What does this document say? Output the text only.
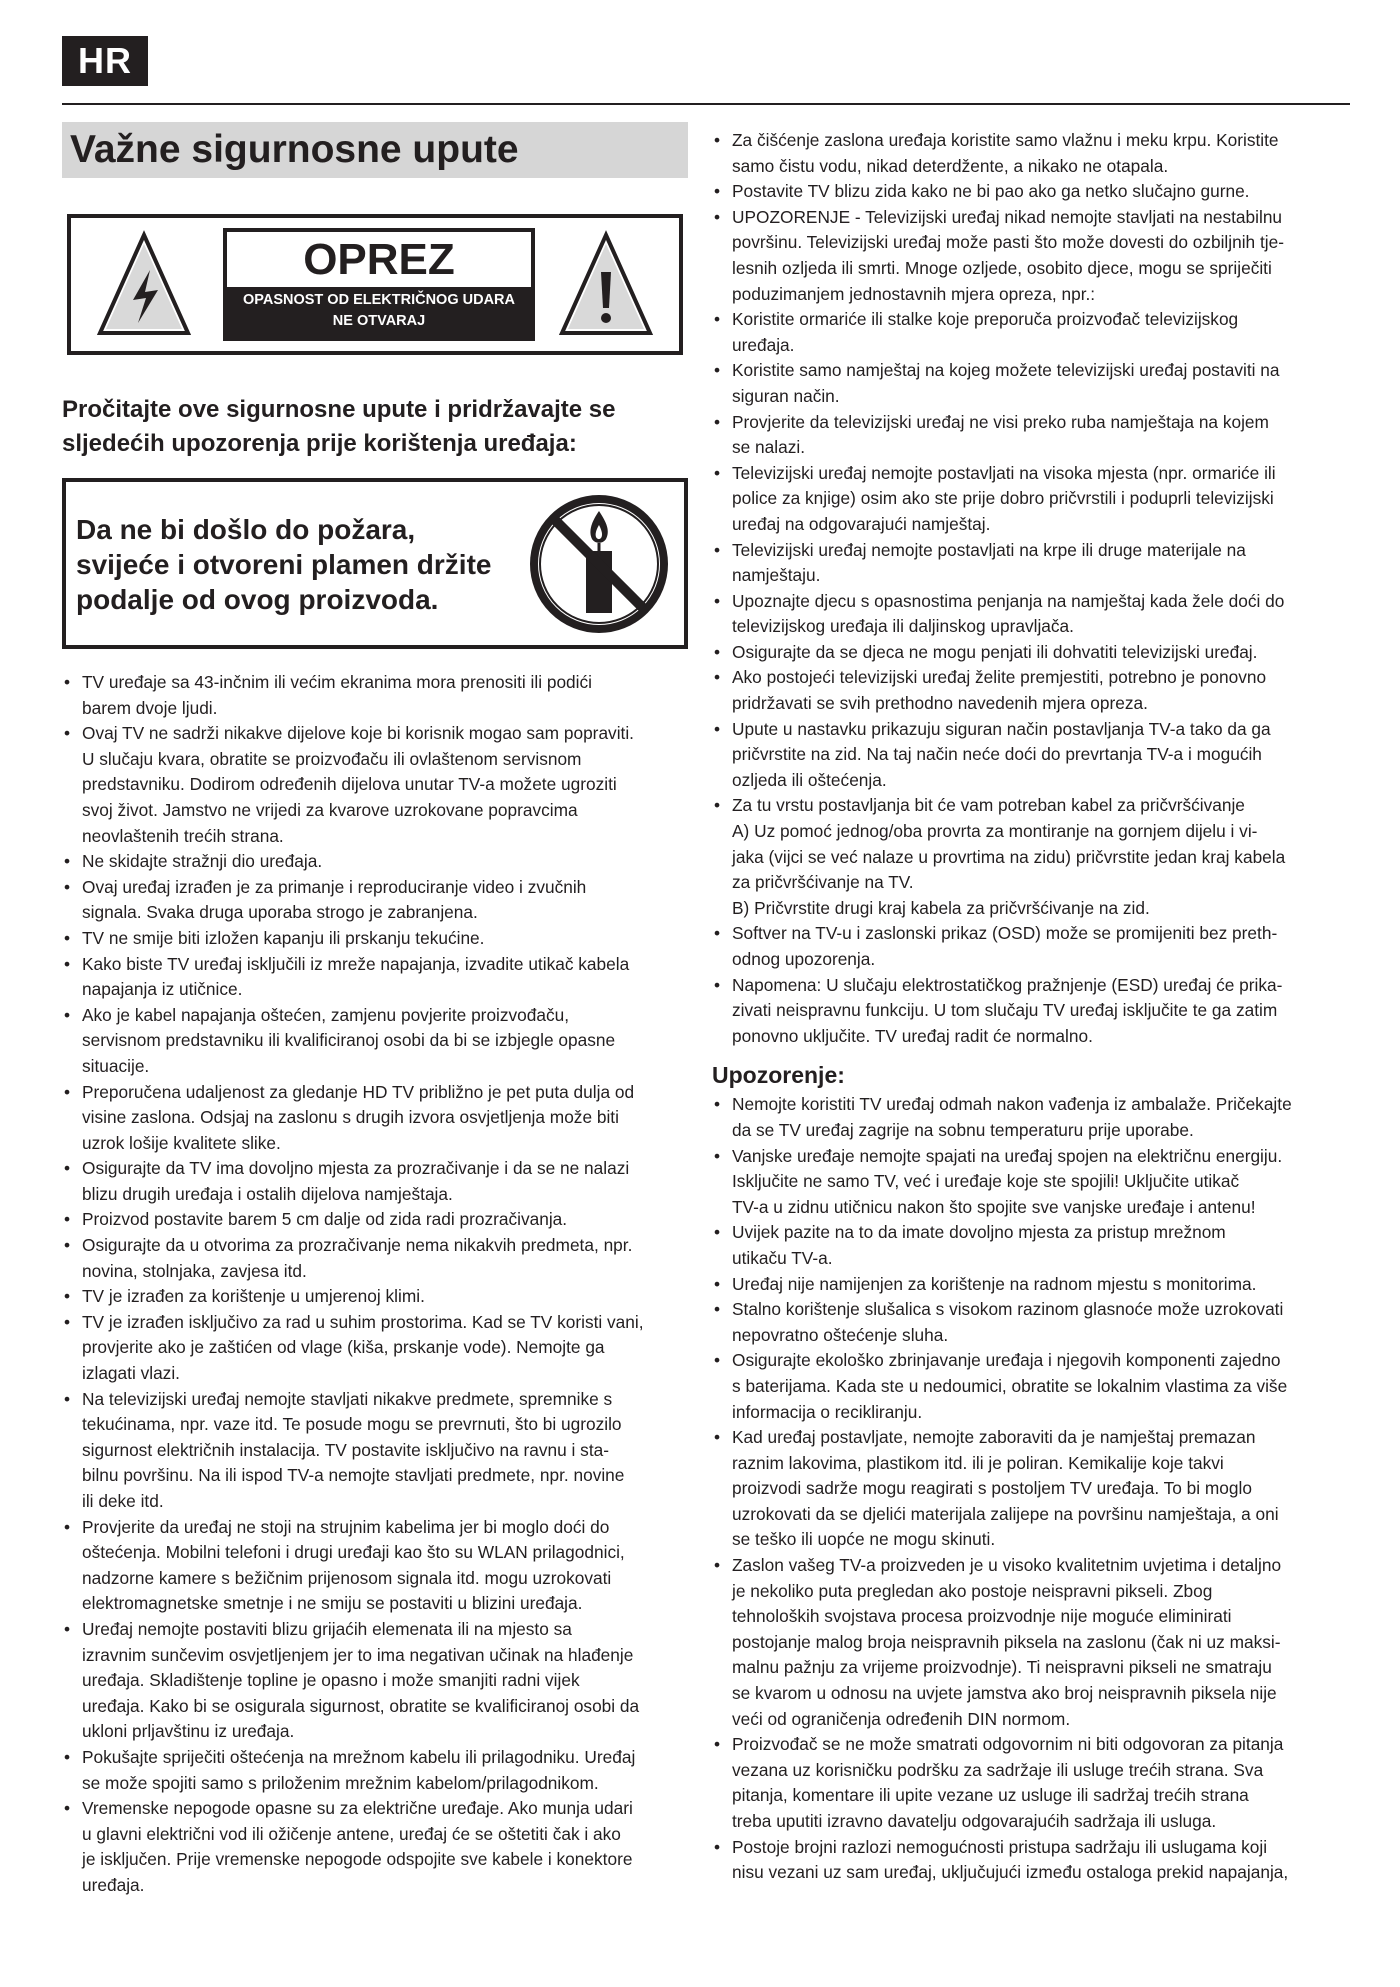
HR
Važne sigurnosne upute
OPREZ
OPASNOST OD ELEKTRIČNOG UDARA
NE OTVARAJ
Pročitajte ove sigurnosne upute i pridržavajte se
sljedećih upozorenja prije korištenja uređaja:
Da ne bi došlo do požara,
svijeće i otvoreni plamen držite
podalje od ovog proizvoda.
• TV uređaje sa 43-inčnim ili većim ekranima mora prenositi ili podići
barem dvoje ljudi.
• Ovaj TV ne sadrži nikakve dijelove koje bi korisnik mogao sam popraviti.
U slučaju kvara, obratite se proizvođaču ili ovlaštenom servisnom
predstavniku. Dodirom određenih dijelova unutar TV-a možete ugroziti
svoj život. Jamstvo ne vrijedi za kvarove uzrokovane popravcima
neovlaštenih trećih strana.
• Ne skidajte stražnji dio uređaja.
• Ovaj uređaj izrađen je za primanje i reproduciranje video i zvučnih
signala. Svaka druga uporaba strogo je zabranjena.
• TV ne smije biti izložen kapanju ili prskanju tekućine.
• Kako biste TV uređaj isključili iz mreže napajanja, izvadite utikač kabela
napajanja iz utičnice.
• Ako je kabel napajanja oštećen, zamjenu povjerite proizvođaču,
servisnom predstavniku ili kvalificiranoj osobi da bi se izbjegle opasne
situacije.
• Preporučena udaljenost za gledanje HD TV približno je pet puta dulja od
visine zaslona. Odsjaj na zaslonu s drugih izvora osvjetljenja može biti
uzrok lošije kvalitete slike.
• Osigurajte da TV ima dovoljno mjesta za prozračivanje i da se ne nalazi
blizu drugih uređaja i ostalih dijelova namještaja.
• Proizvod postavite barem 5 cm dalje od zida radi prozračivanja.
• Osigurajte da u otvorima za prozračivanje nema nikakvih predmeta, npr.
novina, stolnjaka, zavjesa itd.
• TV je izrađen za korištenje u umjerenoj klimi.
• TV je izrađen isključivo za rad u suhim prostorima. Kad se TV koristi vani,
provjerite ako je zaštićen od vlage (kiša, prskanje vode). Nemojte ga
izlagati vlazi.
• Na televizijski uređaj nemojte stavljati nikakve predmete, spremnike s
tekućinama, npr. vaze itd. Te posude mogu se prevrnuti, što bi ugrozilo
sigurnost električnih instalacija. TV postavite isključivo na ravnu i sta-
bilnu površinu. Na ili ispod TV-a nemojte stavljati predmete, npr. novine
ili deke itd.
• Provjerite da uređaj ne stoji na strujnim kabelima jer bi moglo doći do
oštećenja. Mobilni telefoni i drugi uređaji kao što su WLAN prilagodnici,
nadzorne kamere s bežičnim prijenosom signala itd. mogu uzrokovati
elektromagnetske smetnje i ne smiju se postaviti u blizini uređaja.
• Uređaj nemojte postaviti blizu grijaćih elemenata ili na mjesto sa
izravnim sunčevim osvjetljenjem jer to ima negativan učinak na hlađenje
uređaja. Skladištenje topline je opasno i može smanjiti radni vijek
uređaja. Kako bi se osigurala sigurnost, obratite se kvalificiranoj osobi da
ukloni prljavštinu iz uređaja.
• Pokušajte spriječiti oštećenja na mrežnom kabelu ili prilagodniku. Uređaj
se može spojiti samo s priloženim mrežnim kabelom/prilagodnikom.
• Vremenske nepogode opasne su za električne uređaje. Ako munja udari
u glavni električni vod ili ožičenje antene, uređaj će se oštetiti čak i ako
je isključen. Prije vremenske nepogode odspojite sve kabele i konektore
uređaja.
• Za čišćenje zaslona uređaja koristite samo vlažnu i meku krpu. Koristite
samo čistu vodu, nikad deterdžente, a nikako ne otapala.
• Postavite TV blizu zida kako ne bi pao ako ga netko slučajno gurne.
• UPOZORENJE - Televizijski uređaj nikad nemojte stavljati na nestabilnu
površinu. Televizijski uređaj može pasti što može dovesti do ozbiljnih tje-
lesnih ozljeda ili smrti. Mnoge ozljede, osobito djece, mogu se spriječiti
poduzimanjem jednostavnih mjera opreza, npr.:
• Koristite ormariće ili stalke koje preporuča proizvođač televizijskog
uređaja.
• Koristite samo namještaj na kojeg možete televizijski uređaj postaviti na
siguran način.
• Provjerite da televizijski uređaj ne visi preko ruba namještaja na kojem
se nalazi.
• Televizijski uređaj nemojte postavljati na visoka mjesta (npr. ormariće ili
police za knjige) osim ako ste prije dobro pričvrstili i poduprli televizijski
uređaj na odgovarajući namještaj.
• Televizijski uređaj nemojte postavljati na krpe ili druge materijale na
namještaju.
• Upoznajte djecu s opasnostima penjanja na namještaj kada žele doći do
televizijskog uređaja ili daljinskog upravljača.
• Osigurajte da se djeca ne mogu penjati ili dohvatiti televizijski uređaj.
• Ako postojeći televizijski uređaj želite premjestiti, potrebno je ponovno
pridržavati se svih prethodno navedenih mjera opreza.
• Upute u nastavku prikazuju siguran način postavljanja TV-a tako da ga
pričvrstite na zid. Na taj način neće doći do prevrtanja TV-a i mogućih
ozljeda ili oštećenja.
• Za tu vrstu postavljanja bit će vam potreban kabel za pričvršćivanje
A) Uz pomoć jednog/oba provrta za montiranje na gornjem dijelu i vi-
jaka (vijci se već nalaze u provrtima na zidu) pričvrstite jedan kraj kabela
za pričvršćivanje na TV.
B) Pričvrstite drugi kraj kabela za pričvršćivanje na zid.
• Softver na TV-u i zaslonski prikaz (OSD) može se promijeniti bez preth-
odnog upozorenja.
• Napomena: U slučaju elektrostatičkog pražnjenje (ESD) uređaj će prika-
zivati neispravnu funkciju. U tom slučaju TV uređaj isključite te ga zatim
ponovno uključite. TV uređaj radit će normalno.
Upozorenje:
• Nemojte koristiti TV uređaj odmah nakon vađenja iz ambalaže. Pričekajte
da se TV uređaj zagrije na sobnu temperaturu prije uporabe.
• Vanjske uređaje nemojte spajati na uređaj spojen na električnu energiju.
Isključite ne samo TV, već i uređaje koje ste spojili! Uključite utikač
TV-a u zidnu utičnicu nakon što spojite sve vanjske uređaje i antenu!
• Uvijek pazite na to da imate dovoljno mjesta za pristup mrežnom
utikaču TV-a.
• Uređaj nije namijenjen za korištenje na radnom mjestu s monitorima.
• Stalno korištenje slušalica s visokom razinom glasnoće može uzrokovati
nepovratno oštećenje sluha.
• Osigurajte ekološko zbrinjavanje uređaja i njegovih komponenti zajedno
s baterijama. Kada ste u nedoumici, obratite se lokalnim vlastima za više
informacija o recikliranju.
• Kad uređaj postavljate, nemojte zaboraviti da je namještaj premazan
raznim lakovima, plastikom itd. ili je poliran. Kemikalije koje takvi
proizvodi sadrže mogu reagirati s postoljem TV uređaja. To bi moglo
uzrokovati da se djelići materijala zalijepe na površinu namještaja, a oni
se teško ili uopće ne mogu skinuti.
• Zaslon vašeg TV-a proizveden je u visoko kvalitetnim uvjetima i detaljno
je nekoliko puta pregledan ako postoje neispravni pikseli. Zbog
tehnoloških svojstava procesa proizvodnje nije moguće eliminirati
postojanje malog broja neispravnih piksela na zaslonu (čak ni uz maksi-
malnu pažnju za vrijeme proizvodnje). Ti neispravni pikseli ne smatraju
se kvarom u odnosu na uvjete jamstva ako broj neispravnih piksela nije
veći od ograničenja određenih DIN normom.
• Proizvođač se ne može smatrati odgovornim ni biti odgovoran za pitanja
vezana uz korisničku podršku za sadržaje ili usluge trećih strana. Sva
pitanja, komentare ili upite vezane uz usluge ili sadržaj trećih strana
treba uputiti izravno davatelju odgovarajućih sadržaja ili usluga.
• Postoje brojni razlozi nemogućnosti pristupa sadržaju ili uslugama koji
nisu vezani uz sam uređaj, uključujući između ostaloga prekid napajanja,
